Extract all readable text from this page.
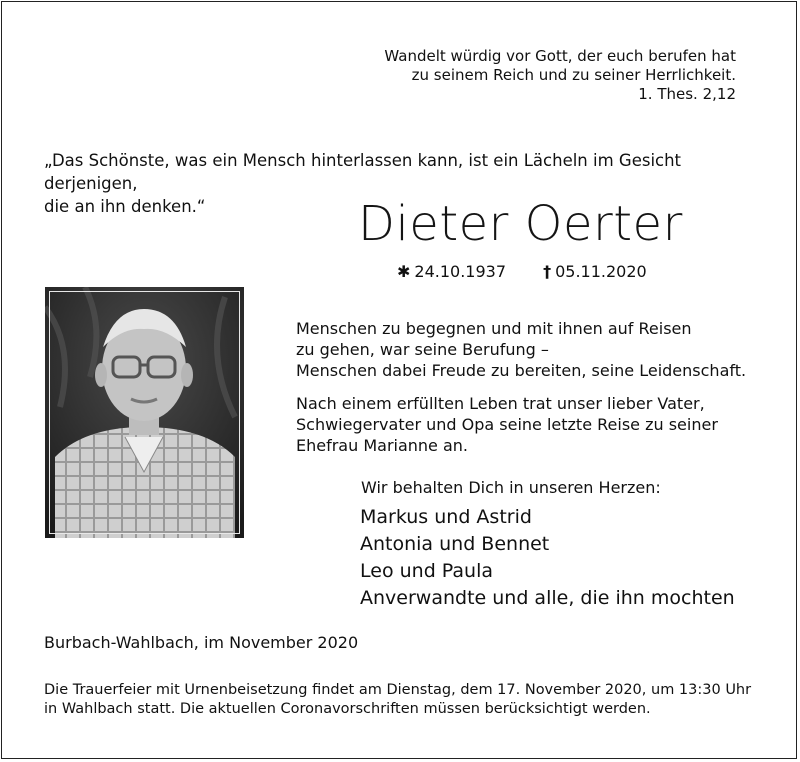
Wandelt würdig vor Gott, der euch berufen hat
zu seinem Reich und zu seiner Herrlichkeit.
1. Thes. 2,12
„Das Schönste, was ein Mensch hinterlassen kann, ist ein Lächeln im Gesicht derjenigen,
die an ihn denken.“	Dieter Oerter
✱ 24.10.1937 † 05.11.2020
Menschen zu begegnen und mit ihnen auf Reisen
zu gehen, war seine Berufung –
Menschen dabei Freude zu bereiten, seine Leidenschaft.
Nach einem erfüllten Leben trat unser lieber Vater,
Schwiegervater und Opa seine letzte Reise zu seiner
Ehefrau Marianne an.
Wir behalten Dich in unseren Herzen:
Markus und Astrid
Antonia und Bennet
Leo und Paula
Anverwandte und alle, die ihn mochten
Burbach-Wahlbach, im November 2020
Die Trauerfeier mit Urnenbeisetzung findet am Dienstag, dem 17. November 2020, um 13:30 Uhr
in Wahlbach statt. Die aktuellen Coronavorschriften müssen berücksichtigt werden.
